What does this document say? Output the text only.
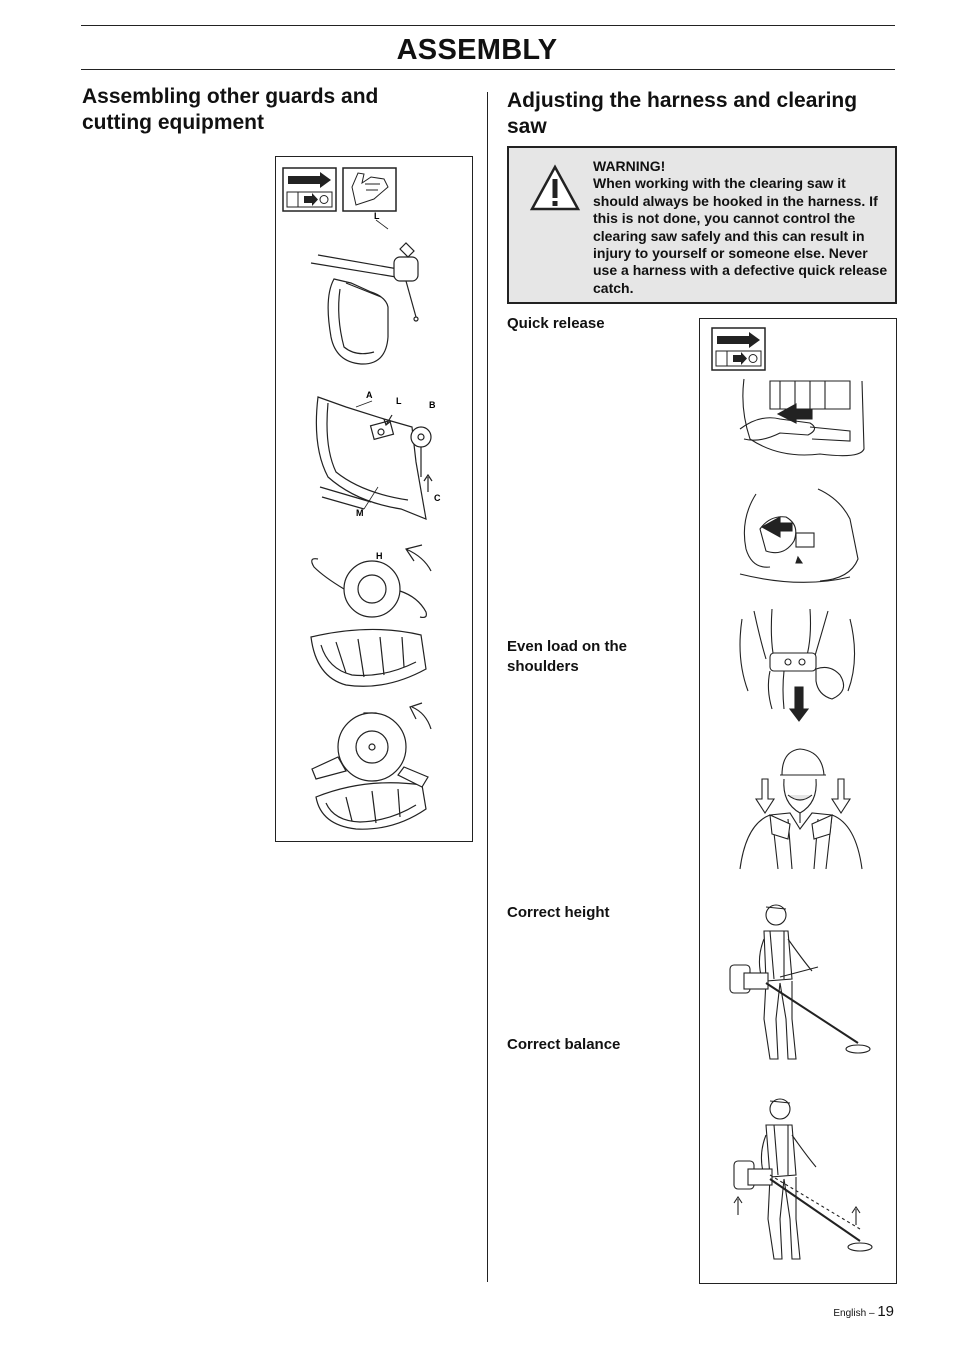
ASSEMBLY
Assembling other guards and cutting equipment
L
A
L	B
C
M
H
Adjusting the harness and clearing saw
WARNING!
When working with the clearing saw it should always be hooked in the harness. If this is not done, you cannot control the clearing saw safely and this can result in injury to yourself or someone else. Never use a harness with a defective quick release catch.
Quick release
Even load on the shoulders
Correct height
Correct balance
English – 19
